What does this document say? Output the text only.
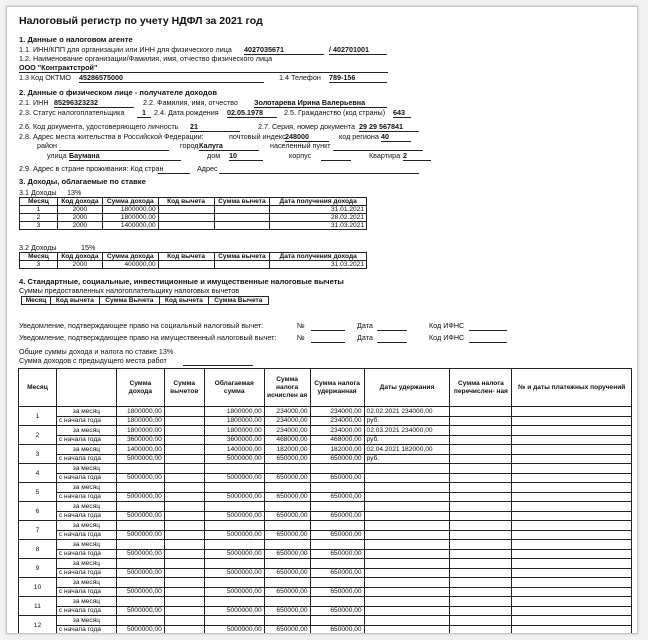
Налоговый регистр по учету НДФЛ за 2021 год
1. Данные о налоговом агенте
1.1. ИНН/КПП для организации или ИНН для физического лица 4027035671	/ 402701001
1.2. Наименование организации/Фамилия, имя, отчество физического лица
ООО "Контрактстрой"
1.3 Код ОКТМО 45286575000	1.4 Телефон 789-156
2. Данные о физическом лице - получателе доходов
2.1. ИНН 85296323232	2.2. Фамилия, имя, отчество Золотарева Ирина Валерьевна
2.3. Статус налогоплательщика	1	2.4. Дата рождения 02.05.1978	2.5. Гражданство (код страны) 643
2.6. Код документа, удостоверяющего личность 21	2.7. Серия, номер документа 29 29 567841
2.8. Адрес места жительства в Российской Федерации:	почтовый индекс 248000	код региона 40
район	город Калуга	населенный пункт
улица Баумана	дом 10	корпус	Квартира 2
2.9. Адрес в стране проживания: Код стран	Адрес
3. Доходы, облагаемые по ставке
3.1 Доходы 13%
Месяц	Код дохода	Сумма дохода	Код вычета	Сумма вычета	Дата получения дохода
1	2000	1800000,00			31.01.2021
2	2000	1800000,00			28.02.2021
3	2000	1400000,00			31.03.2021
3.2 Доходы	15%
Месяц	Код дохода	Сумма дохода	Код вычета	Сумма вычета	Дата получения дохода
3	2000	400000,00			31.03.2021
4. Стандартные, социальные, инвестиционные и имущественные налоговые вычеты
Суммы предоставленных налогоплательщику налоговых вычетов
Месяц	Код вычета	Сумма Вычета	Код вычета	Сумма Вычета
Уведомление, подтверждающее право на социальный налоговый вычет:	№	Дата	Код ИФНС
Уведомление, подтверждающее право на имущественный налоговый вычет:	№	Дата	Код ИФНС
Общие суммы дохода и налога по ставке 13%
Сумма доходов с предыдущего места работ
Месяц		Сумма дохода	Сумма вычетов	Облагаемая сумма	Сумма налога исчислен ая	Сумма налога удержанная	Даты удержания	Сумма налога перечислен- ная	№ и даты платежных поручений
1	за месяц	1800000,00		1800000,00	234000,00	234000,00	02.02.2021 234000,00		
	с начала года	1800000,00		1800000,00	234000,00	234000,00	руб.		
2	за месяц	1800000,00		1800000,00	234000,00	234000,00	02.03.2021 234000,00		
	с начала года	3600000,00		3600000,00	468000,00	468000,00	руб.		
3	за месяц	1400000,00		1400000,00	182000,00	182000,00	02.04.2021 182000,00		
	с начала года	5000000,00		5000000,00	650000,00	650000,00	руб.		
4	за месяц								
	с начала года	5000000,00		5000000,00	650000,00	650000,00			
5	за месяц								
	с начала года	5000000,00		5000000,00	650000,00	650000,00			
6	за месяц								
	с начала года	5000000,00		5000000,00	650000,00	650000,00			
7	за месяц								
	с начала года	5000000,00		5000000,00	650000,00	650000,00			
8	за месяц								
	с начала года	5000000,00		5000000,00	650000,00	650000,00			
9	за месяц								
	с начала года	5000000,00		5000000,00	650000,00	650000,00			
10	за месяц								
	с начала года	5000000,00		5000000,00	650000,00	650000,00			
11	за месяц								
	с начала года	5000000,00		5000000,00	650000,00	650000,00			
12	за месяц								
	с начала года	5000000,00		5000000,00	650000,00	650000,00			
